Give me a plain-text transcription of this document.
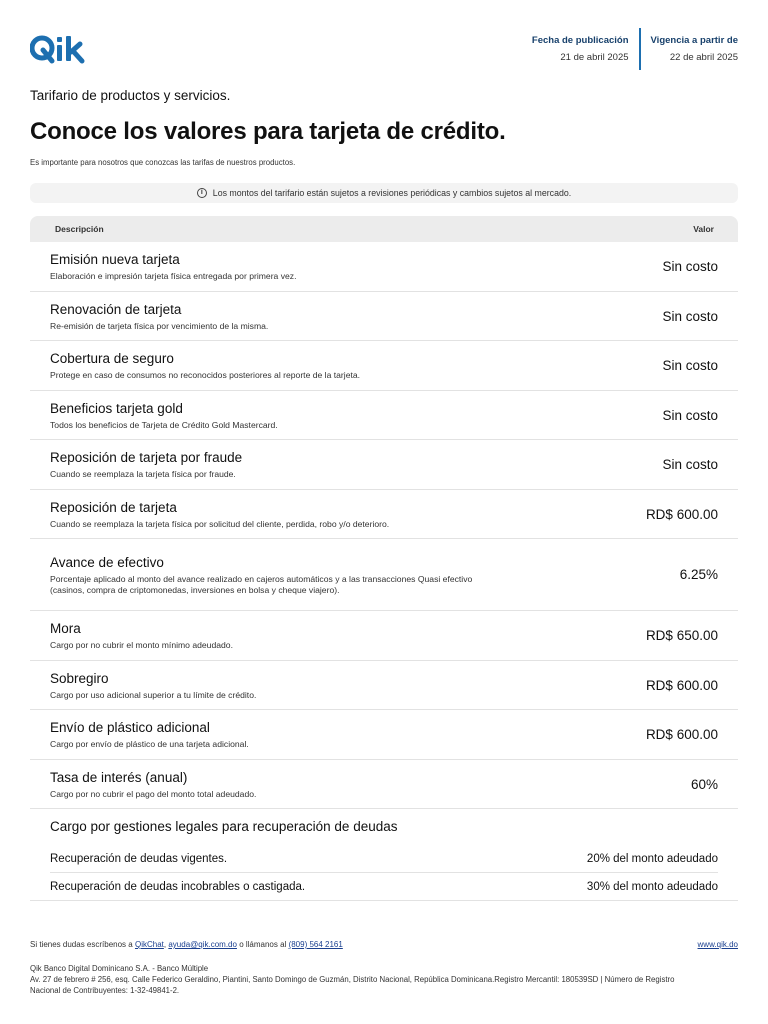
Fecha de publicación
21 de abril 2025
Vigencia a partir de
22 de abril 2025
Tarifario de productos y servicios.
Conoce los valores para tarjeta de crédito.
Es importante para nosotros que conozcas las tarifas de nuestros productos.
i	Los montos del tarifario están sujetos a revisiones periódicas y cambios sujetos al mercado.
Descripción	Valor
Emisión nueva tarjeta
Elaboración e impresión tarjeta física entregada por primera vez.
Sin costo
Renovación de tarjeta
Re-emisión de tarjeta física por vencimiento de la misma.
Sin costo
Cobertura de seguro
Protege en caso de consumos no reconocidos posteriores al reporte de la tarjeta.
Sin costo
Beneficios tarjeta gold
Todos los beneficios de Tarjeta de Crédito Gold Mastercard.
Sin costo
Reposición de tarjeta por fraude
Cuando se reemplaza la tarjeta física por fraude.
Sin costo
Reposición de tarjeta
Cuando se reemplaza la tarjeta física por solicitud del cliente, perdida, robo y/o deterioro.
RD$ 600.00
Avance de efectivo
Porcentaje aplicado al monto del avance realizado en cajeros automáticos y a las transacciones Quasi efectivo (casinos, compra de criptomonedas, inversiones en bolsa y cheque viajero).
6.25%
Mora
Cargo por no cubrir el monto mínimo adeudado.
RD$ 650.00
Sobregiro
Cargo por uso adicional superior a tu límite de crédito.
RD$ 600.00
Envío de plástico adicional
Cargo por envío de plástico de una tarjeta adicional.
RD$ 600.00
Tasa de interés (anual)
Cargo por no cubrir el pago del monto total adeudado.
60%
Cargo por gestiones legales para recuperación de deudas
Recuperación de deudas vigentes.	20% del monto adeudado
Recuperación de deudas incobrables o castigada.	30% del monto adeudado
Si tienes dudas escríbenos a QikChat, ayuda@qik.com.do o llámanos al (809) 564 2161	www.qik.do
Qik Banco Digital Dominicano S.A. - Banco Múltiple
Av. 27 de febrero # 256, esq. Calle Federico Geraldino, Piantini, Santo Domingo de Guzmán, Distrito Nacional, República Dominicana.Registro Mercantil: 180539SD | Número de Registro Nacional de Contribuyentes: 1-32-49841-2.
